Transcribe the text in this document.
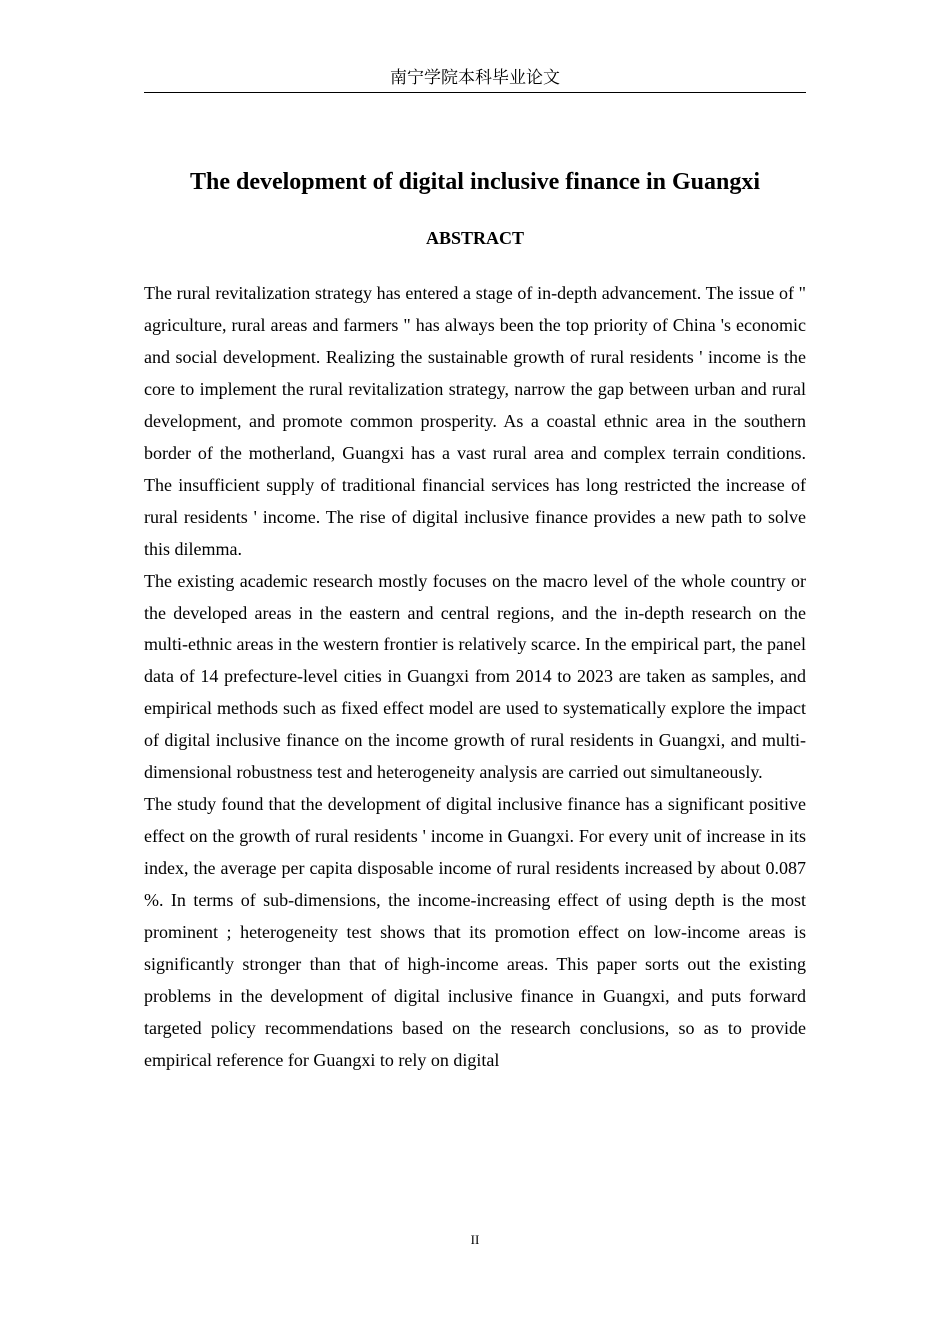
南宁学院本科毕业论文
The development of digital inclusive finance in Guangxi
ABSTRACT

The rural revitalization strategy has entered a stage of in-depth advancement. The issue of " agriculture, rural areas and farmers " has always been the top priority of China 's economic and social development. Realizing the sustainable growth of rural residents ' income is the core to implement the rural revitalization strategy, narrow the gap between urban and rural development, and promote common prosperity. As a coastal ethnic area in the southern border of the motherland, Guangxi has a vast rural area and complex terrain conditions. The insufficient supply of traditional financial services has long restricted the increase of rural residents ' income. The rise of digital inclusive finance provides a new path to solve this dilemma.

The existing academic research mostly focuses on the macro level of the whole country or the developed areas in the eastern and central regions, and the in-depth research on the multi-ethnic areas in the western frontier is relatively scarce. In the empirical part, the panel data of 14 prefecture-level cities in Guangxi from 2014 to 2023 are taken as samples, and empirical methods such as fixed effect model are used to systematically explore the impact of digital inclusive finance on the income growth of rural residents in Guangxi, and multi-dimensional robustness test and heterogeneity analysis are carried out simultaneously.

The study found that the development of digital inclusive finance has a significant positive effect on the growth of rural residents ' income in Guangxi. For every unit of increase in its index, the average per capita disposable income of rural residents increased by about 0.087 %. In terms of sub-dimensions, the income-increasing effect of using depth is the most prominent ; heterogeneity test shows that its promotion effect on low-income areas is significantly stronger than that of high-income areas. This paper sorts out the existing problems in the development of digital inclusive finance in Guangxi, and puts forward targeted policy recommendations based on the research conclusions, so as to provide empirical reference for Guangxi to rely on digital

II
